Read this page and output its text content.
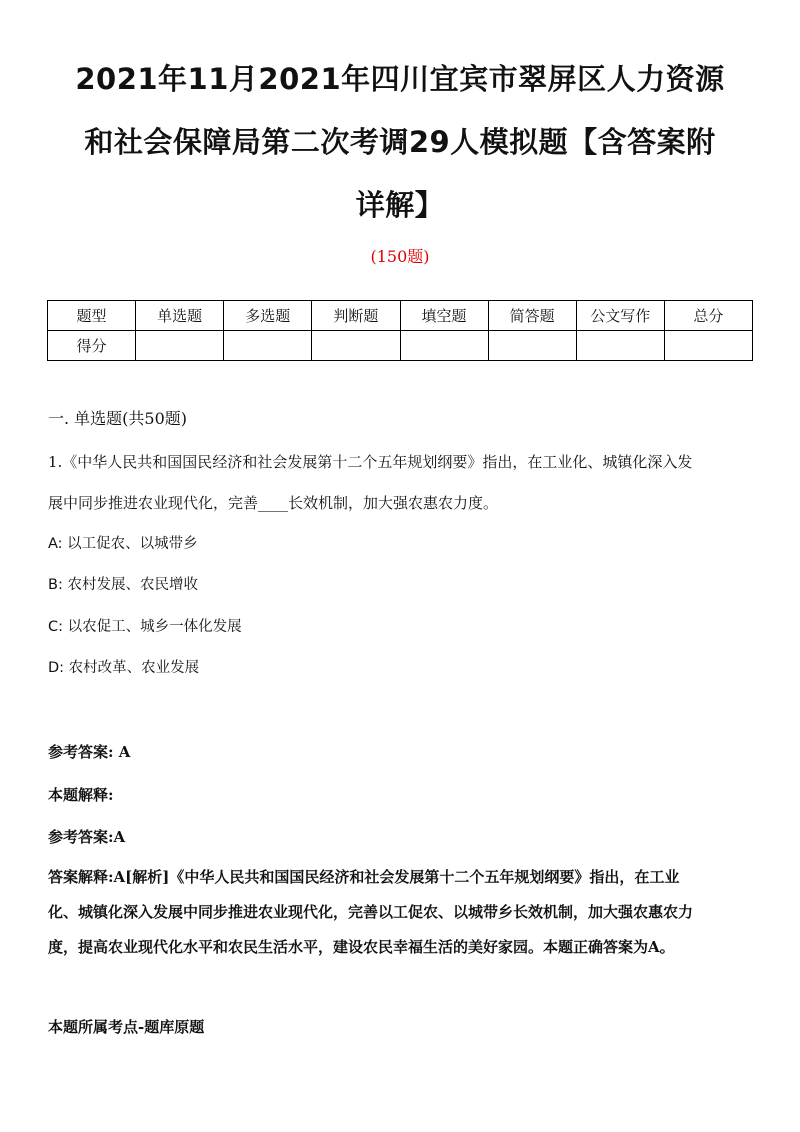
2021年11月2021年四川宜宾市翠屏区人力资源
和社会保障局第二次考调29人模拟题【含答案附
详解】
(150题)
题型	单选题	多选题	判断题	填空题	简答题	公文写作	总分
得分							
一. 单选题(共50题)
1.《中华人民共和国国民经济和社会发展第十二个五年规划纲要》指出，在工业化、城镇化深入发
展中同步推进农业现代化，完善____长效机制，加大强农惠农力度。
A: 以工促农、以城带乡
B: 农村发展、农民增收
C: 以农促工、城乡一体化发展
D: 农村改革、农业发展
参考答案: A
本题解释:
参考答案:A
答案解释:A[解析]《中华人民共和国国民经济和社会发展第十二个五年规划纲要》指出，在工业
化、城镇化深入发展中同步推进农业现代化，完善以工促农、以城带乡长效机制，加大强农惠农力
度，提高农业现代化水平和农民生活水平，建设农民幸福生活的美好家园。本题正确答案为A。
本题所属考点-题库原题
